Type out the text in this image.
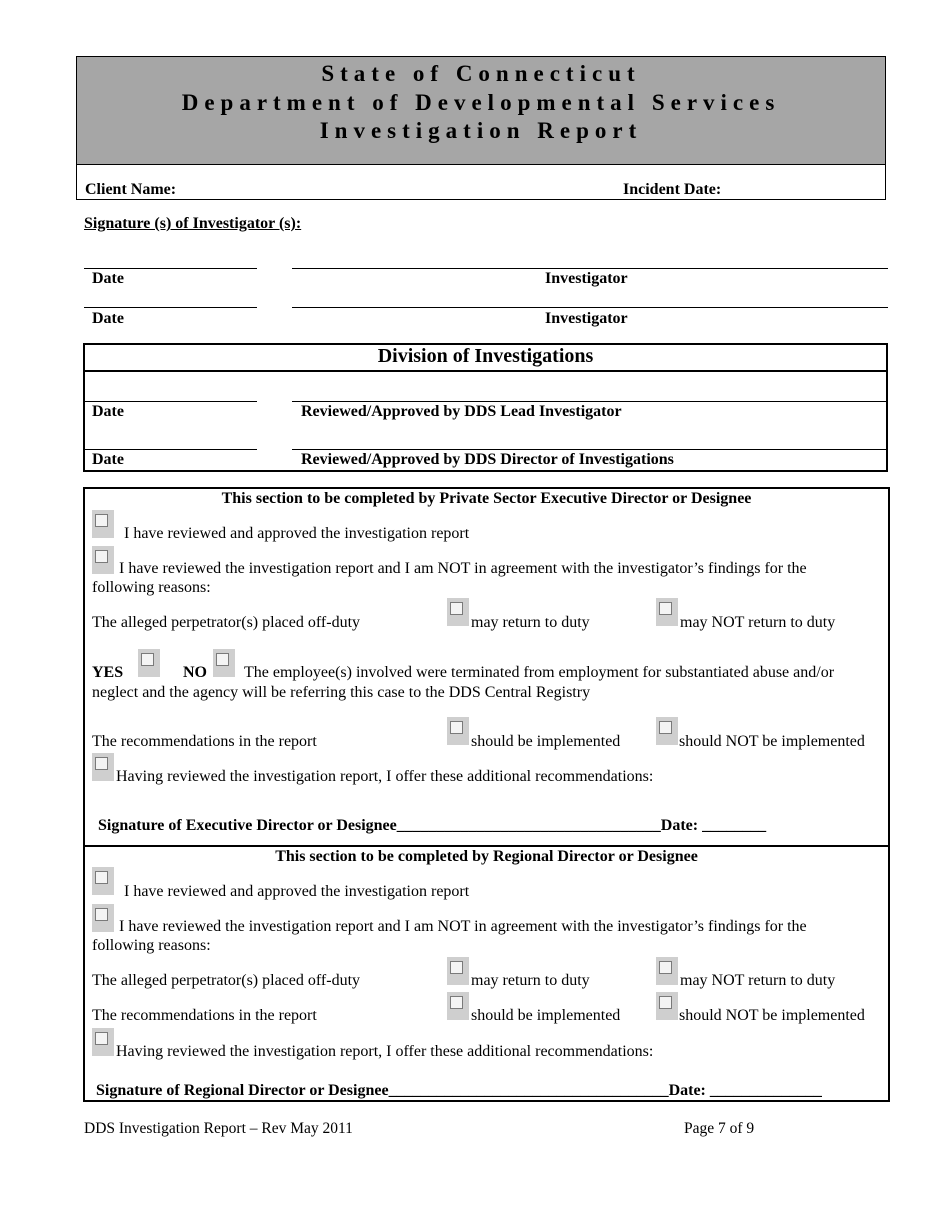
State of Connecticut
Department of Developmental Services
Investigation Report
Client Name:	Incident Date:
Signature (s) of Investigator (s):
Date	Investigator
Date	Investigator
Division of Investigations
Date	Reviewed/Approved by DDS Lead Investigator
Date	Reviewed/Approved by DDS Director of Investigations
This section to be completed by Private Sector Executive Director or Designee
I have reviewed and approved the investigation report
I have reviewed the investigation report and I am NOT in agreement with the investigator’s findings for the
following reasons:
The alleged perpetrator(s) placed off-duty	may return to duty	may NOT return to duty
YES	NO The employee(s) involved were terminated from employment for substantiated abuse and/or
neglect and the agency will be referring this case to the DDS Central Registry
The recommendations in the report	should be implemented	should NOT be implemented
Having reviewed the investigation report, I offer these additional recommendations:
Signature of Executive Director or Designee_________________________________Date: ________
This section to be completed by Regional Director or Designee
I have reviewed and approved the investigation report
I have reviewed the investigation report and I am NOT in agreement with the investigator’s findings for the
following reasons:
The alleged perpetrator(s) placed off-duty	may return to duty	may NOT return to duty
The recommendations in the report	should be implemented	should NOT be implemented
Having reviewed the investigation report, I offer these additional recommendations:
Signature of Regional Director or Designee___________________________________Date: ______________
DDS Investigation Report – Rev May 2011	Page 7 of 9
